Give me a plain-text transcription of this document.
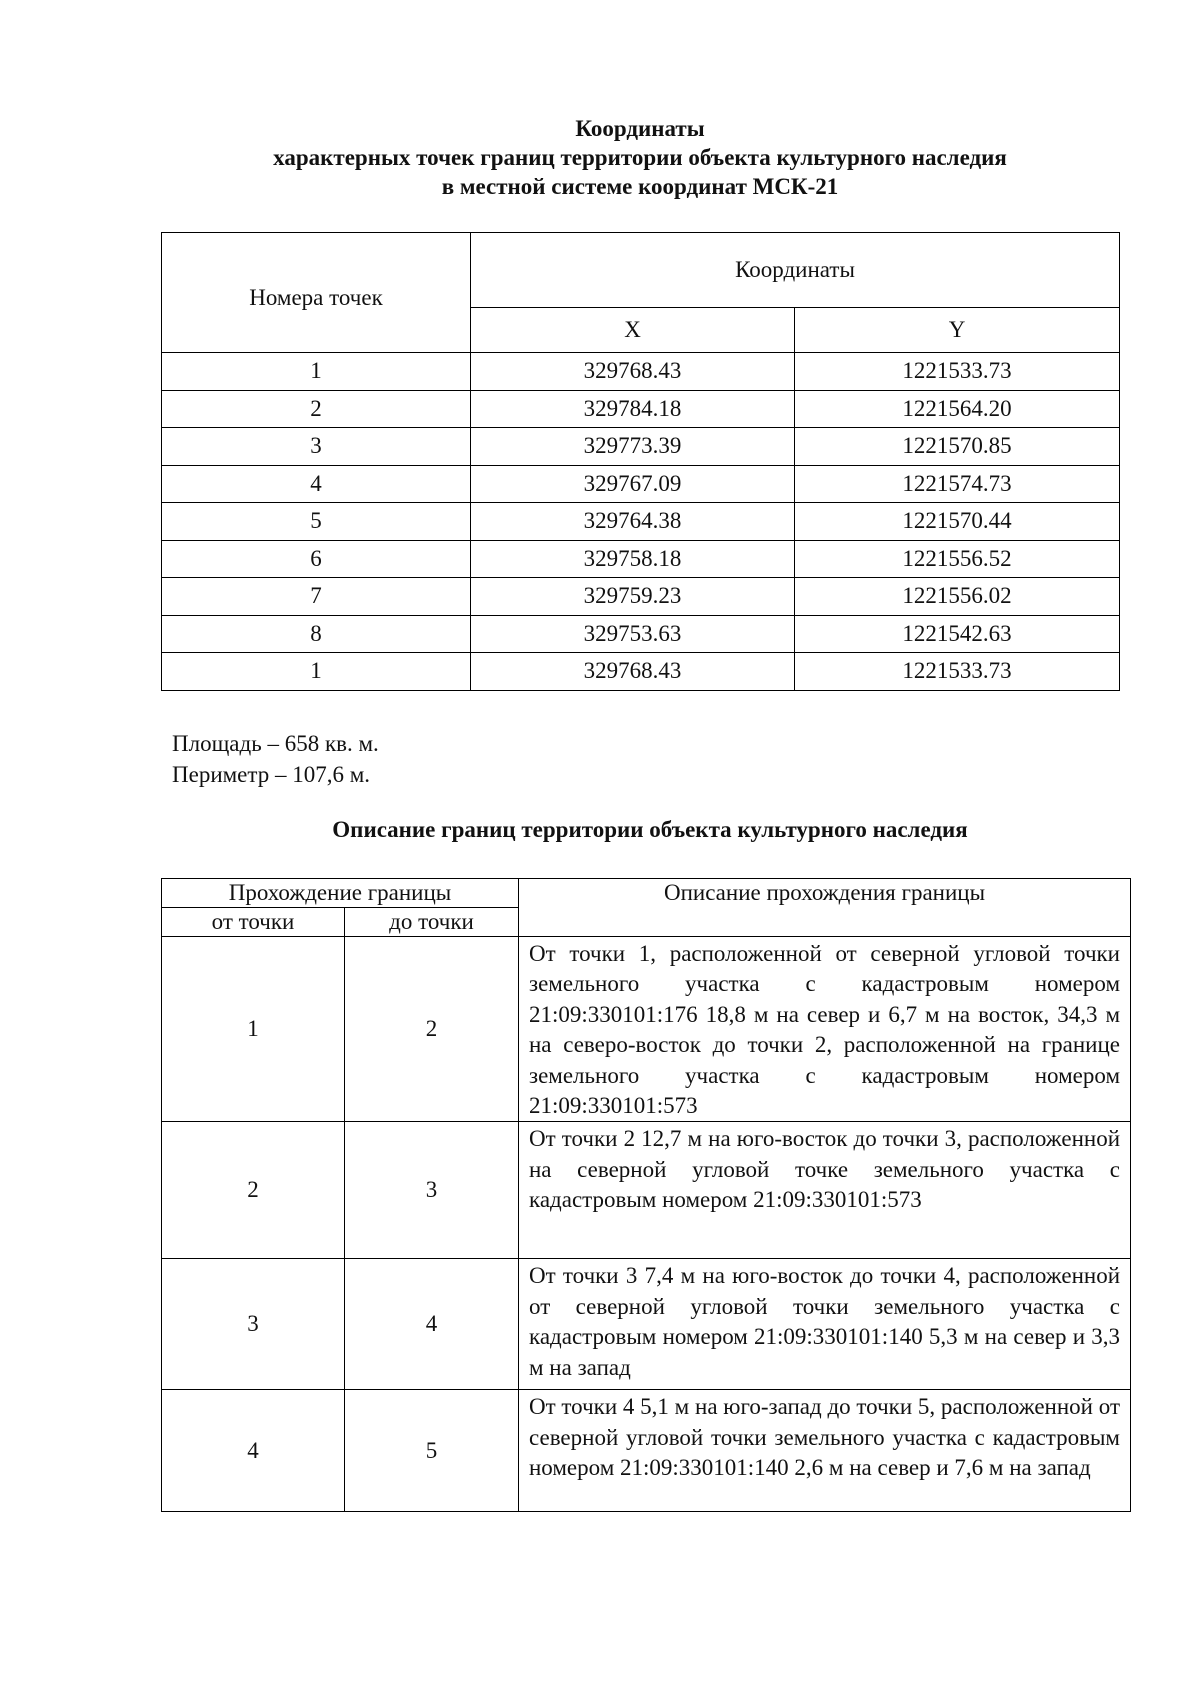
Координаты
характерных точек границ территории объекта культурного наследия
в местной системе координат МСК-21
Номера точек	Координаты	
	X	Y
1	329768.43	1221533.73
2	329784.18	1221564.20
3	329773.39	1221570.85
4	329767.09	1221574.73
5	329764.38	1221570.44
6	329758.18	1221556.52
7	329759.23	1221556.02
8	329753.63	1221542.63
1	329768.43	1221533.73
Площадь – 658 кв. м.
Периметр – 107,6 м.
Описание границ территории объекта культурного наследия
Прохождение границы		Описание прохождения границы
от точки	до точки	
1	2	От точки 1, расположенной от северной угловой точки земельного участка с кадастровым номером 21:09:330101:176 18,8 м на север и 6,7 м на восток, 34,3 м на северо-восток до точки 2, расположенной на границе земельного участка с кадастровым номером 21:09:330101:573
2	3	От точки 2 12,7 м на юго-восток до точки 3, расположенной на северной угловой точке земельного участка с кадастровым номером 21:09:330101:573
3	4	От точки 3 7,4 м на юго-восток до точки 4, расположенной от северной угловой точки земельного участка с кадастровым номером 21:09:330101:140 5,3 м на север и 3,3 м на запад
4	5	От точки 4 5,1 м на юго-запад до точки 5, расположенной от северной угловой точки земельного участка с кадастровым номером 21:09:330101:140 2,6 м на север и 7,6 м на запад
